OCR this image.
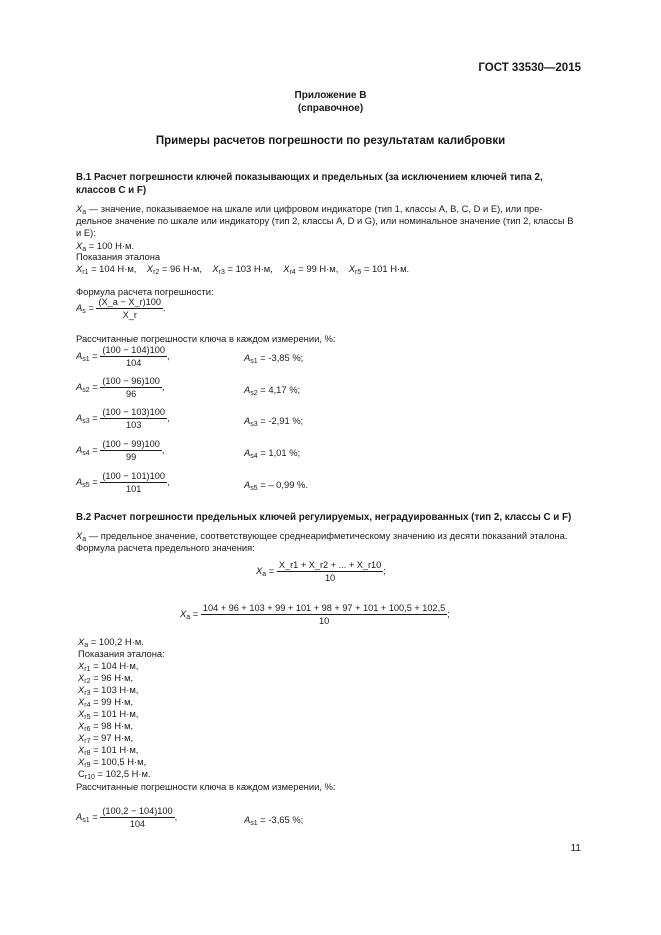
ГОСТ 33530—2015
Приложение В
(справочное)
Примеры расчетов погрешности по результатам калибровки
В.1 Расчет погрешности ключей показывающих и предельных (за исключением ключей типа 2,
классов С и F)
$X_a$ — значение, показываемое на шкале или цифровом индикаторе (тип 1, классы А, В, С, D и Е), или пре-
дельное значение по шкале или индикатору (тип 2, классы А, D и G), или номинальное значение (тип 2, классы В
и Е):
$X_a = 100$ Н·м.
Показания эталона
$X_{r1} = 104$ Н·м, $X_{r2} = 96$ Н·м, $X_{r3} = 103$ Н·м, $X_{r4} = 99$ Н·м, $X_{r5} = 101$ Н·м.
Формула расчета погрешности:
$A_s = \frac{(X\_a - X\_r)100}{X\_r}$ .
Рассчитанные погрешности ключа в каждом измерении, %:
$A_{s1} = \frac{(100 - 104)100}{104}$ ,	$A_{s1} = -3,85$ %;
$A_{s2} = \frac{(100 - 96)100}{96}$ ,	$A_{s2} = 4,17$ %;
$A_{s3} = \frac{(100 - 103)100}{103}$ ,	$A_{s3} = -2,91$ %;
$A_{s4} = \frac{(100 - 99)100}{99}$ ,	$A_{s4} = 1,01$ %;
$A_{s5} = \frac{(100 - 101)100}{101}$ ,	$A_{s5}$ = – 0,99 %.
В.2 Расчет погрешности предельных ключей регулируемых, неградуированных (тип 2, классы С и F)
$X_a$ — предельное значение, соответствующее среднеарифметическому значению из десяти показаний эталона.
Формула расчета предельного значения:
$X_a = \frac{X\_r1 + X\_r2 + ... + X\_r10}{10}$ ;
$X_a = \frac{104 + 96 + 103 + 99 + 101 + 98 + 97 + 101 + 100,5 + 102,5}{10}$ ;
$X_a = 100,2$ Н·м.
Показания эталона:
$X_{r1} = 104$ Н·м,
$X_{r2} = 96$ Н·м,
$X_{r3} = 103$ Н·м,
$X_{r4} = 99$ Н·м,
$X_{r5} = 101$ Н·м,
$X_{r6} = 98$ Н·м,
$X_{r7} = 97$ Н·м,
$X_{r8} = 101$ Н·м,
$X_{r9} = 100,5$ Н·м,
$C_{r10} = 102,5$ Н·м.
Рассчитанные погрешности ключа в каждом измерении, %:
$A_{s1} = \frac{(100,2 - 104)100}{104}$ ,	$A_{s1} = -3,65$ %;
11
